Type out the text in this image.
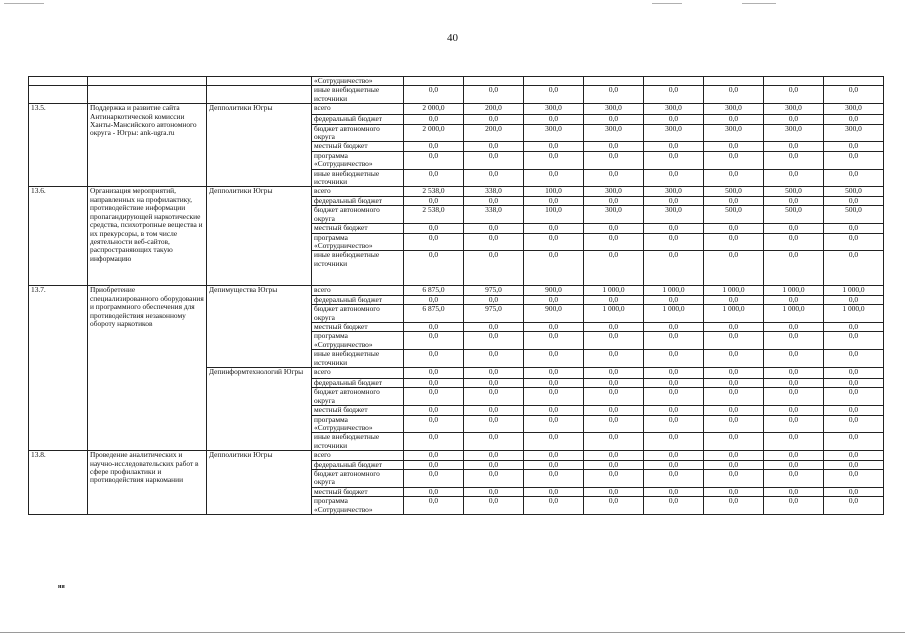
40
			«Сотрудничество»								
			иные внебюджетные источники	0,0	0,0	0,0	0,0	0,0	0,0	0,0	0,0
13.5.	Поддержка и развитие сайта Антинаркотической комиссии Ханты-Мансийского автономного округа - Югры: ank-ugra.ru	Депполитики Югры	всего	2 000,0	200,0	300,0	300,0	300,0	300,0	300,0	300,0
			федеральный бюджет	0,0	0,0	0,0	0,0	0,0	0,0	0,0	0,0
			бюджет автономного округа	2 000,0	200,0	300,0	300,0	300,0	300,0	300,0	300,0
			местный бюджет	0,0	0,0	0,0	0,0	0,0	0,0	0,0	0,0
			программа «Сотрудничество»	0,0	0,0	0,0	0,0	0,0	0,0	0,0	0,0
			иные внебюджетные источники	0,0	0,0	0,0	0,0	0,0	0,0	0,0	0,0
13.6.	Организация мероприятий, направленных на профилактику, противодействие информации пропагандирующей наркотические средства, психотропные вещества и их прекурсоры, в том числе деятельности веб-сайтов, распространяющих такую информацию	Депполитики Югры	всего	2 538,0	338,0	100,0	300,0	300,0	500,0	500,0	500,0
			федеральный бюджет	0,0	0,0	0,0	0,0	0,0	0,0	0,0	0,0
			бюджет автономного округа	2 538,0	338,0	100,0	300,0	300,0	500,0	500,0	500,0
			местный бюджет	0,0	0,0	0,0	0,0	0,0	0,0	0,0	0,0
			программа «Сотрудничество»	0,0	0,0	0,0	0,0	0,0	0,0	0,0	0,0
			иные внебюджетные источники	0,0	0,0	0,0	0,0	0,0	0,0	0,0	0,0
13.7.	Приобретение специализированного оборудования и программного обеспечения для противодействия незаконному обороту наркотиков	Депимущества Югры	всего	6 875,0	975,0	900,0	1 000,0	1 000,0	1 000,0	1 000,0	1 000,0
			федеральный бюджет	0,0	0,0	0,0	0,0	0,0	0,0	0,0	0,0
			бюджет автономного округа	6 875,0	975,0	900,0	1 000,0	1 000,0	1 000,0	1 000,0	1 000,0
			местный бюджет	0,0	0,0	0,0	0,0	0,0	0,0	0,0	0,0
			программа «Сотрудничество»	0,0	0,0	0,0	0,0	0,0	0,0	0,0	0,0
			иные внебюджетные источники	0,0	0,0	0,0	0,0	0,0	0,0	0,0	0,0
		Депинформтехнологий Югры	всего	0,0	0,0	0,0	0,0	0,0	0,0	0,0	0,0
			федеральный бюджет	0,0	0,0	0,0	0,0	0,0	0,0	0,0	0,0
			бюджет автономного округа	0,0	0,0	0,0	0,0	0,0	0,0	0,0	0,0
			местный бюджет	0,0	0,0	0,0	0,0	0,0	0,0	0,0	0,0
			программа «Сотрудничество»	0,0	0,0	0,0	0,0	0,0	0,0	0,0	0,0
			иные внебюджетные источники	0,0	0,0	0,0	0,0	0,0	0,0	0,0	0,0
13.8.	Проведение аналитических и научно-исследовательских работ в сфере профилактики и противодействия наркомании	Депполитики Югры	всего	0,0	0,0	0,0	0,0	0,0	0,0	0,0	0,0
			федеральный бюджет	0,0	0,0	0,0	0,0	0,0	0,0	0,0	0,0
			бюджет автономного округа	0,0	0,0	0,0	0,0	0,0	0,0	0,0	0,0
			местный бюджет	0,0	0,0	0,0	0,0	0,0	0,0	0,0	0,0
			программа «Сотрудничество»	0,0	0,0	0,0	0,0	0,0	0,0	0,0	0,0
ня
